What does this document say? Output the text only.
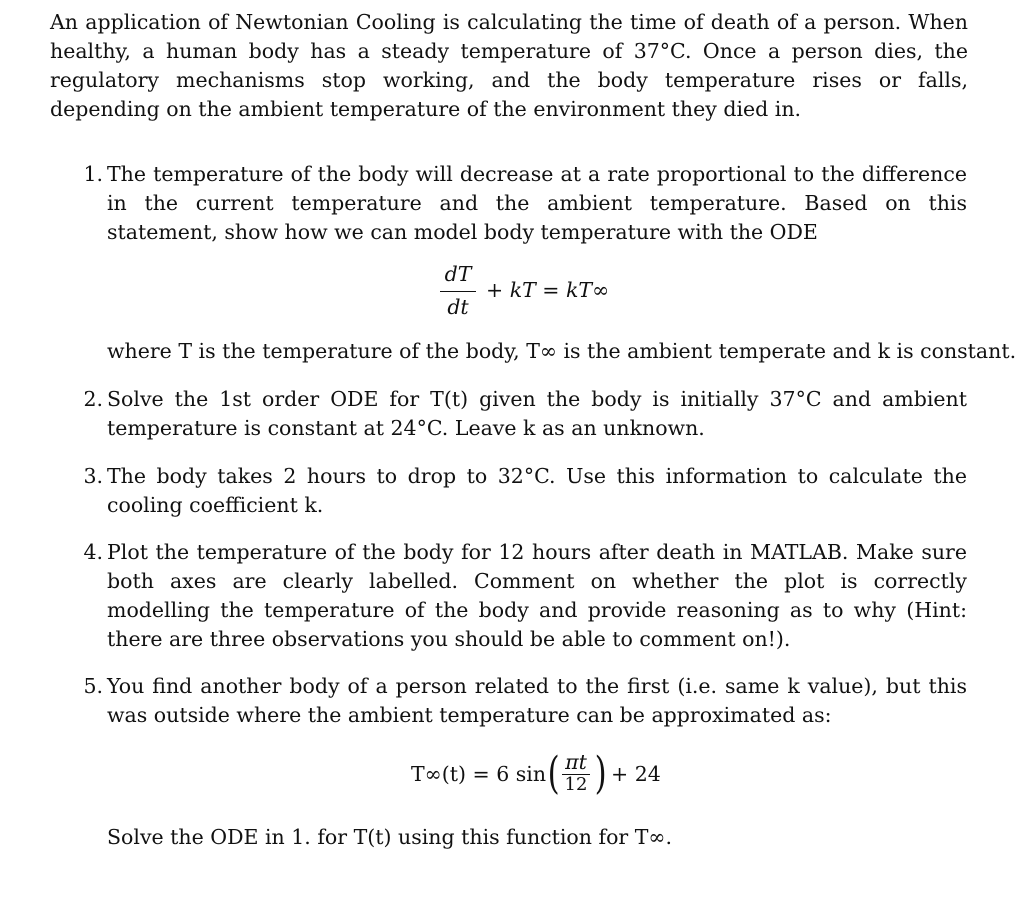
An application of Newtonian Cooling is calculating the time of death of a person. When healthy, a human body has a steady temperature of 37°C. Once a person dies, the regulatory mechanisms stop working, and the body temperature rises or falls, depending on the ambient temperature of the environment they died in.
1. The temperature of the body will decrease at a rate proportional to the difference in the current temperature and the ambient temperature. Based on this statement, show how we can model body temperature with the ODE
dT
dt
+ kT = kT∞
where T is the temperature of the body, T∞ is the ambient temperate and k is constant.
2. Solve the 1st order ODE for T(t) given the body is initially 37°C and ambient temperature is constant at 24°C. Leave k as an unknown.
3. The body takes 2 hours to drop to 32°C. Use this information to calculate the cooling coefficient k.
4. Plot the temperature of the body for 12 hours after death in MATLAB. Make sure both axes are clearly labelled. Comment on whether the plot is correctly modelling the temperature of the body and provide reasoning as to why (Hint: there are three observations you should be able to comment on!).
5. You find another body of a person related to the first (i.e. same k value), but this was outside where the ambient temperature can be approximated as:
T∞(t) = 6 sin ( πt
12 ) + 24
Solve the ODE in 1. for T(t) using this function for T∞.
